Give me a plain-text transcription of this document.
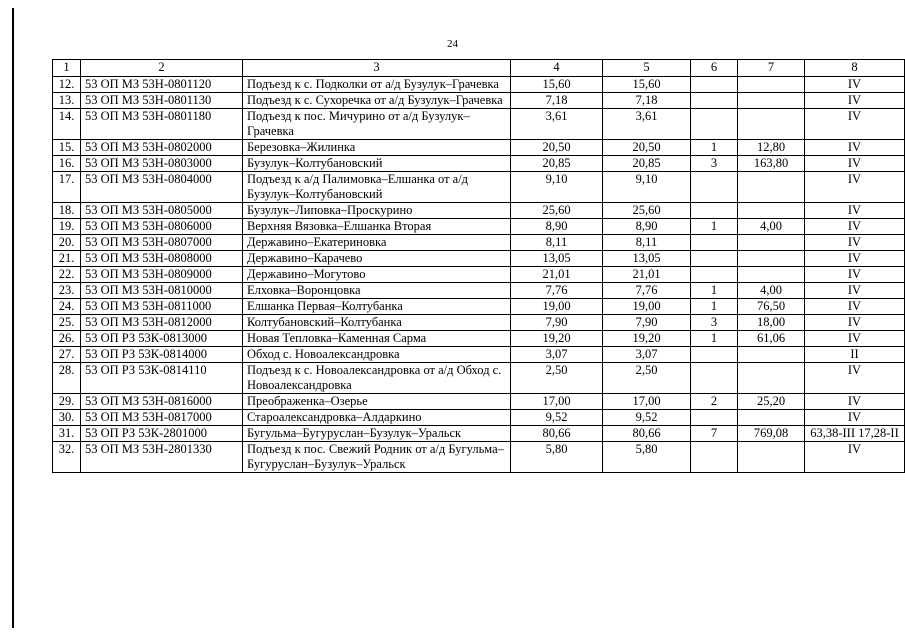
24
1	2	3	4	5	6	7	8
12.	53 ОП МЗ 53Н-0801120	Подъезд к с. Подколки от а/д Бузулук–Грачевка	15,60	15,60			IV
13.	53 ОП МЗ 53Н-0801130	Подъезд к с. Сухоречка от а/д Бузулук–Грачевка	7,18	7,18			IV
14.	53 ОП МЗ 53Н-0801180	Подъезд к пос. Мичурино от а/д Бузулук–Грачевка	3,61	3,61			IV
15.	53 ОП МЗ 53Н-0802000	Березовка–Жилинка	20,50	20,50	1	12,80	IV
16.	53 ОП МЗ 53Н-0803000	Бузулук–Колтубановский	20,85	20,85	3	163,80	IV
17.	53 ОП МЗ 53Н-0804000	Подъезд к а/д Палимовка–Елшанка от а/д Бузулук–Колтубановский	9,10	9,10			IV
18.	53 ОП МЗ 53Н-0805000	Бузулук–Липовка–Проскурино	25,60	25,60			IV
19.	53 ОП МЗ 53Н-0806000	Верхняя Вязовка–Елшанка Вторая	8,90	8,90	1	4,00	IV
20.	53 ОП МЗ 53Н-0807000	Державино–Екатериновка	8,11	8,11			IV
21.	53 ОП МЗ 53Н-0808000	Державино–Карачево	13,05	13,05			IV
22.	53 ОП МЗ 53Н-0809000	Державино–Могутово	21,01	21,01			IV
23.	53 ОП МЗ 53Н-0810000	Елховка–Воронцовка	7,76	7,76	1	4,00	IV
24.	53 ОП МЗ 53Н-0811000	Елшанка Первая–Колтубанка	19,00	19,00	1	76,50	IV
25.	53 ОП МЗ 53Н-0812000	Колтубановский–Колтубанка	7,90	7,90	3	18,00	IV
26.	53 ОП РЗ 53К-0813000	Новая Тепловка–Каменная Сарма	19,20	19,20	1	61,06	IV
27.	53 ОП РЗ 53К-0814000	Обход с. Новоалександровка	3,07	3,07			II
28.	53 ОП РЗ 53К-0814110	Подъезд к с. Новоалександровка от а/д Обход с. Новоалександровка	2,50	2,50			IV
29.	53 ОП МЗ 53Н-0816000	Преображенка–Озерье	17,00	17,00	2	25,20	IV
30.	53 ОП МЗ 53Н-0817000	Староалександровка–Алдаркино	9,52	9,52			IV
31.	53 ОП РЗ 53К-2801000	Бугульма–Бугуруслан–Бузулук–Уральск	80,66	80,66	7	769,08	63,38-III 17,28-II
32.	53 ОП МЗ 53Н-2801330	Подъезд к пос. Свежий Родник от а/д Бугульма–Бугуруслан–Бузулук–Уральск	5,80	5,80			IV
